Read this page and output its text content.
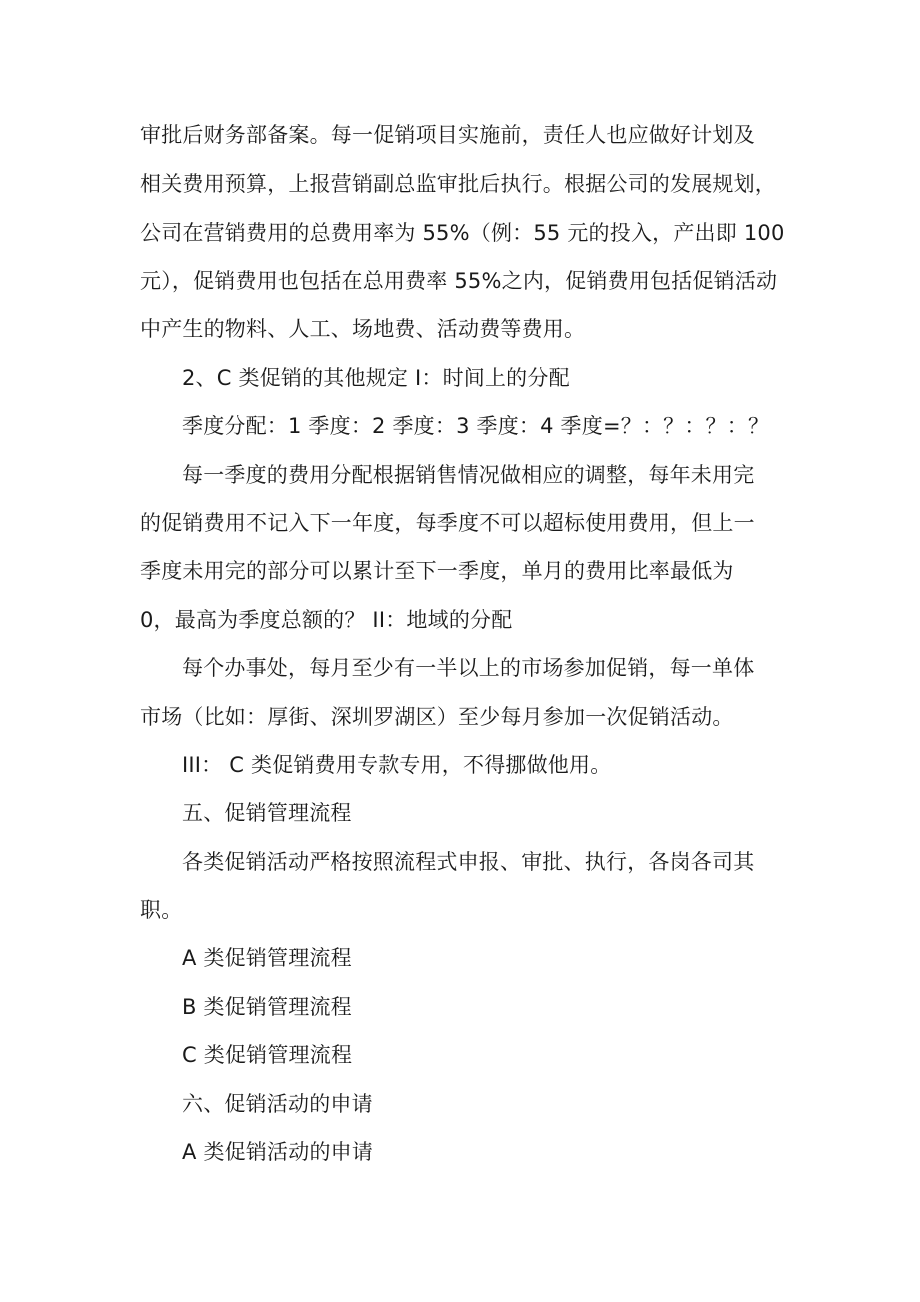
审批后财务部备案。每一促销项目实施前，责任人也应做好计划及
相关费用预算，上报营销副总监审批后执行。根据公司的发展规划，
公司在营销费用的总费用率为 55%（例：55 元的投入，产出即 100
元），促销费用也包括在总用费率 55%之内，促销费用包括促销活动
中产生的物料、人工、场地费、活动费等费用。
2、C 类促销的其他规定 I：时间上的分配
季度分配：1 季度：2 季度：3 季度：4 季度=？：？：？：？
每一季度的费用分配根据销售情况做相应的调整，每年未用完
的促销费用不记入下一年度，每季度不可以超标使用费用，但上一
季度未用完的部分可以累计至下一季度，单月的费用比率最低为
0，最高为季度总额的？ II：地域的分配
每个办事处，每月至少有一半以上的市场参加促销，每一单体
市场（比如：厚街、深圳罗湖区）至少每月参加一次促销活动。
III： C 类促销费用专款专用，不得挪做他用。
五、促销管理流程
各类促销活动严格按照流程式申报、审批、执行，各岗各司其
职。
A 类促销管理流程
B 类促销管理流程
C 类促销管理流程
六、促销活动的申请
A 类促销活动的申请
